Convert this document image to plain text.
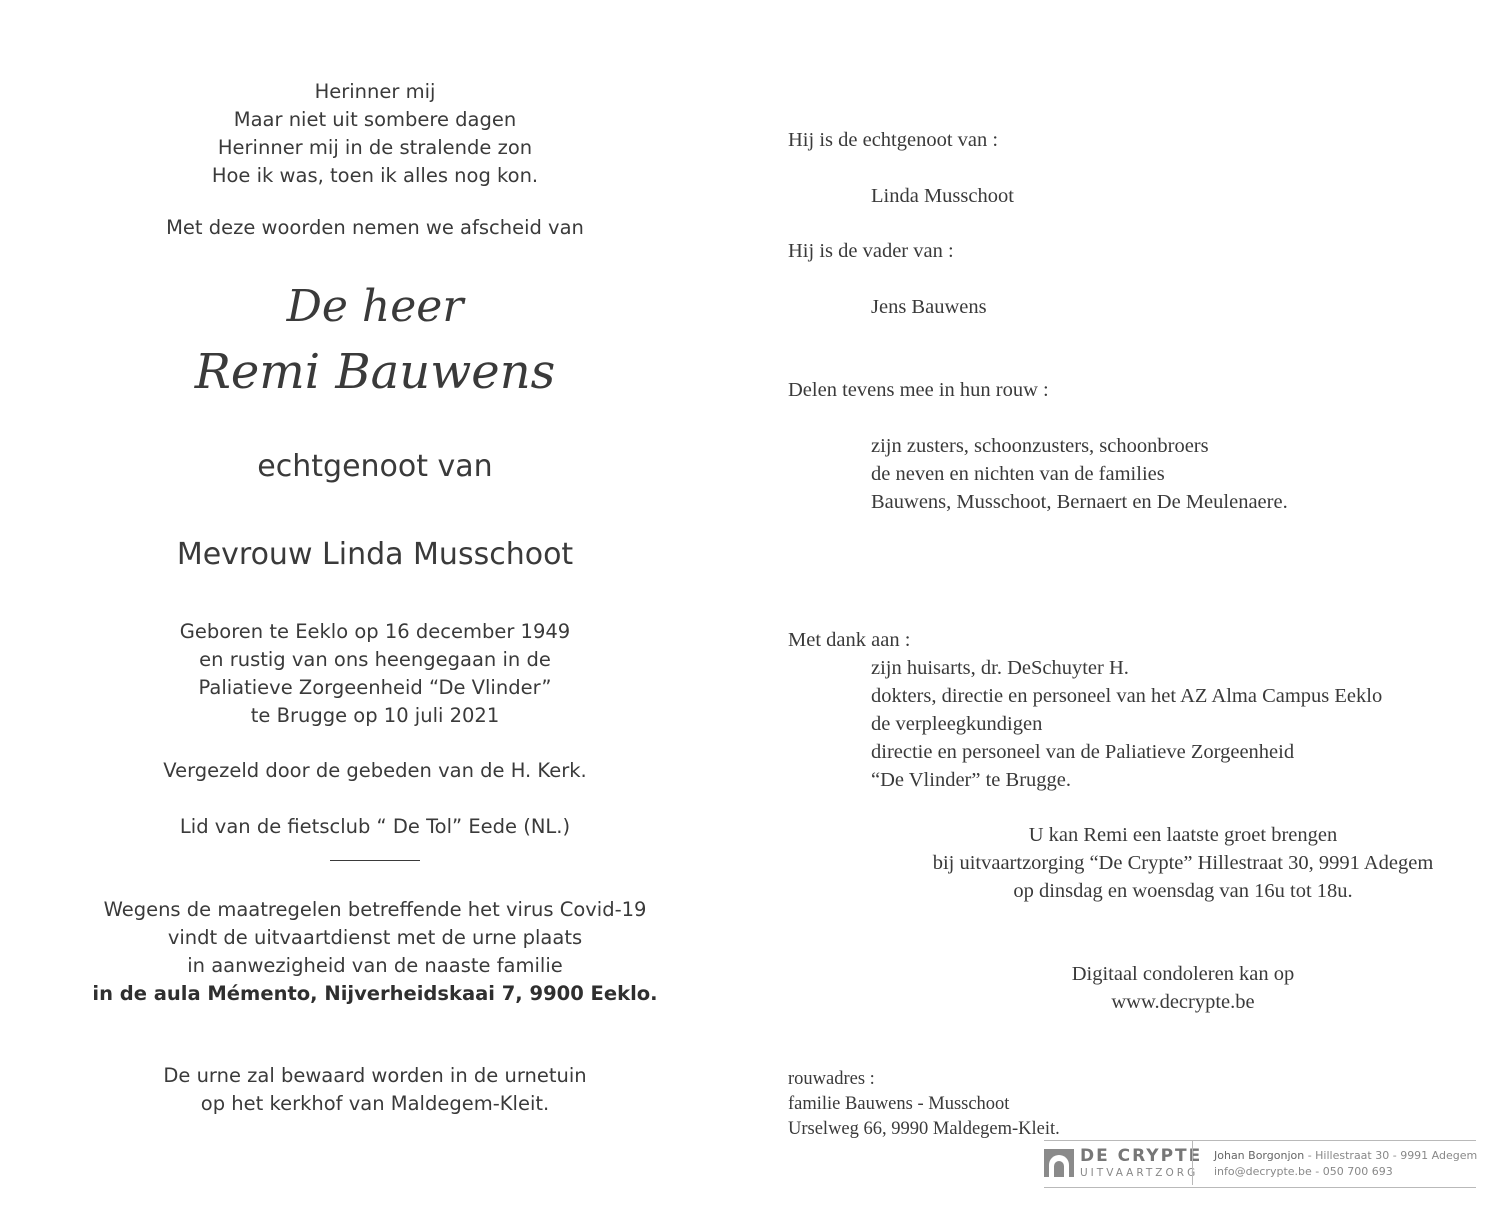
Herinner mij
Maar niet uit sombere dagen
Herinner mij in de stralende zon
Hoe ik was, toen ik alles nog kon.
Met deze woorden nemen we afscheid van
De heer
Remi Bauwens
echtgenoot van
Mevrouw Linda Musschoot
Geboren te Eeklo op 16 december 1949
en rustig van ons heengegaan in de
Paliatieve Zorgeenheid “De Vlinder”
te Brugge op 10 juli 2021
Vergezeld door de gebeden van de H. Kerk.
Lid van de fietsclub “ De Tol” Eede (NL.)
Wegens de maatregelen betreffende het virus Covid-19
vindt de uitvaartdienst met de urne plaats
in aanwezigheid van de naaste familie
in de aula Mémento, Nijverheidskaai 7, 9900 Eeklo.
De urne zal bewaard worden in de urnetuin
op het kerkhof van Maldegem-Kleit.
Hij is de echtgenoot van :
Linda Musschoot
Hij is de vader van :
Jens Bauwens
Delen tevens mee in hun rouw :
zijn zusters, schoonzusters, schoonbroers
de neven en nichten van de families
Bauwens, Musschoot, Bernaert en De Meulenaere.
Met dank aan :
zijn huisarts, dr. DeSchuyter H.
dokters, directie en personeel van het AZ Alma Campus Eeklo
de verpleegkundigen
directie en personeel van de Paliatieve Zorgeenheid
“De Vlinder” te Brugge.
U kan Remi een laatste groet brengen
bij uitvaartzorging “De Crypte” Hillestraat 30, 9991 Adegem
op dinsdag en woensdag van 16u tot 18u.
Digitaal condoleren kan op
www.decrypte.be
rouwadres :
familie Bauwens - Musschoot
Urselweg 66, 9990 Maldegem-Kleit.
DE CRYPTE
UITVAARTZORG
Johan Borgonjon - Hillestraat 30 - 9991 Adegem
info@decrypte.be - 050 700 693
